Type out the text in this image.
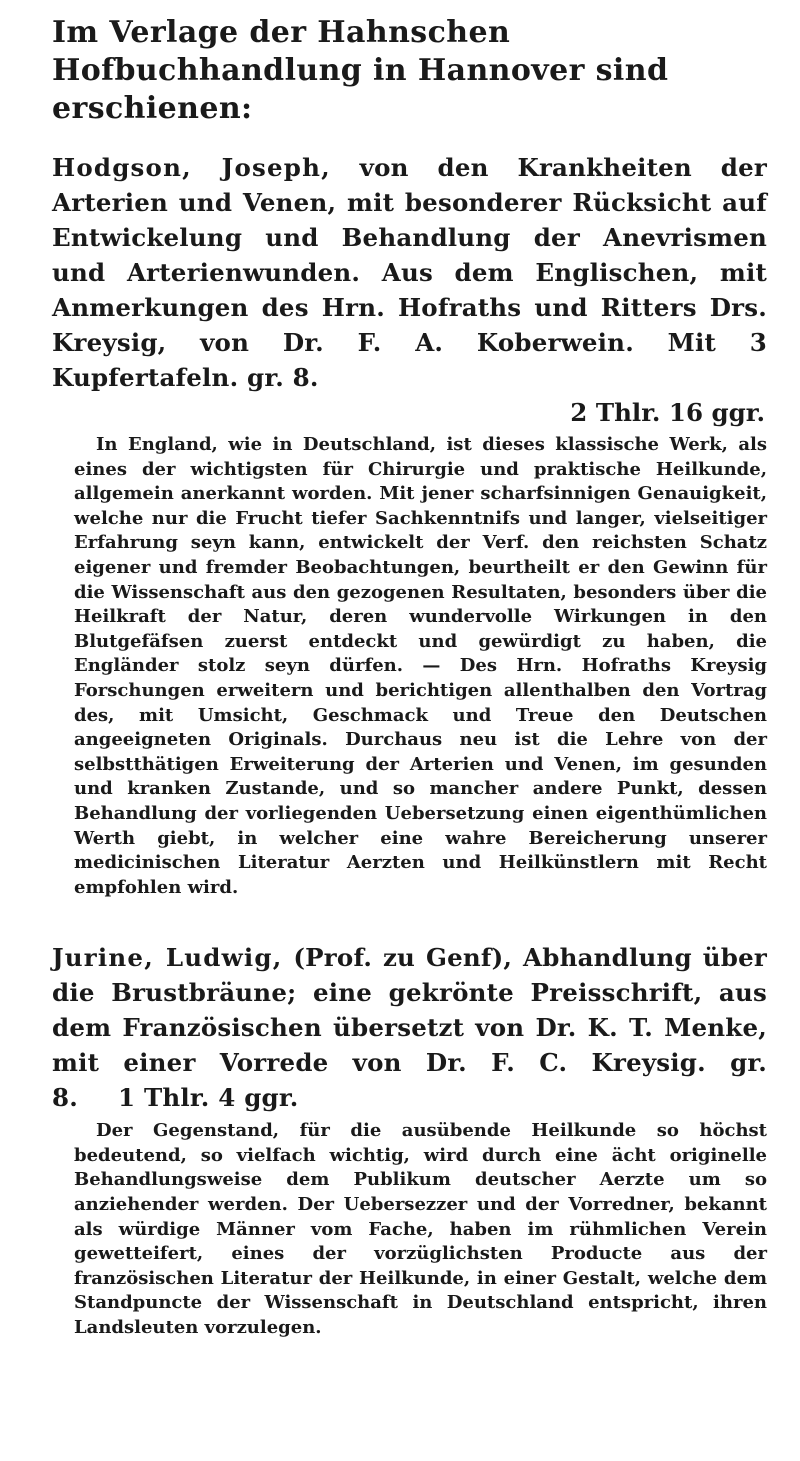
Im Verlage der Hahnschen Hofbuchhandlung in Hannover sind erschienen:

Hodgson, Joseph, von den Krankheiten der Arterien und Venen, mit besonderer Rücksicht auf Entwickelung und Behandlung der Anevrismen und Arterienwunden. Aus dem Englischen, mit Anmerkungen des Hrn. Hofraths und Ritters Drs. Kreysig, von Dr. F. A. Koberwein. Mit 3 Kupfertafeln. gr. 8.

2 Thlr. 16 ggr.

In England, wie in Deutschland, ist dieses klassische Werk, als eines der wichtigsten für Chirurgie und praktische Heilkunde, allgemein anerkannt worden. Mit jener scharfsinnigen Genauigkeit, welche nur die Frucht tiefer Sachkenntnifs und langer, vielseitiger Erfahrung seyn kann, entwickelt der Verf. den reichsten Schatz eigener und fremder Beobachtungen, beurtheilt er den Gewinn für die Wissenschaft aus den gezogenen Resultaten, besonders über die Heilkraft der Natur, deren wundervolle Wirkungen in den Blutgefäfsen zuerst entdeckt und gewürdigt zu haben, die Engländer stolz seyn dürfen. — Des Hrn. Hofraths Kreysig Forschungen erweitern und berichtigen allenthalben den Vortrag des, mit Umsicht, Geschmack und Treue den Deutschen angeeigneten Originals. Durchaus neu ist die Lehre von der selbstthätigen Erweiterung der Arterien und Venen, im gesunden und kranken Zustande, und so mancher andere Punkt, dessen Behandlung der vorliegenden Uebersetzung einen eigenthümlichen Werth giebt, in welcher eine wahre Bereicherung unserer medicinischen Literatur Aerzten und Heilkünstlern mit Recht empfohlen wird.

Jurine, Ludwig, (Prof. zu Genf), Abhandlung über die Brustbräune; eine gekrönte Preisschrift, aus dem Französischen übersetzt von Dr. K. T. Menke, mit einer Vorrede von Dr. F. C. Kreysig. gr. 8. 1 Thlr. 4 ggr.

Der Gegenstand, für die ausübende Heilkunde so höchst bedeutend, so vielfach wichtig, wird durch eine ächt originelle Behandlungsweise dem Publikum deutscher Aerzte um so anziehender werden. Der Uebersezzer und der Vorredner, bekannt als würdige Männer vom Fache, haben im rühmlichen Verein gewetteifert, eines der vorzüglichsten Producte aus der französischen Literatur der Heilkunde, in einer Gestalt, welche dem Standpuncte der Wissenschaft in Deutschland entspricht, ihren Landsleuten vorzulegen.
